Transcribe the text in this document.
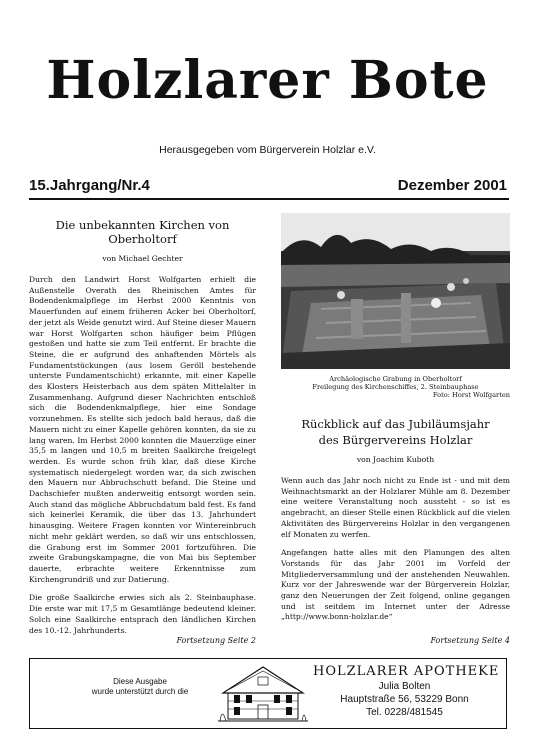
Holzlarer Bote
Herausgegeben vom Bürgerverein Holzlar e.V.
15.Jahrgang/Nr.4	Dezember 2001
Die unbekannten Kirchen von Oberholtorf
von Michael Gechter

Durch den Landwirt Horst Wolfgarten erhielt die Außenstelle Overath des Rheinischen Amtes für Bodendenkmalpflege im Herbst 2000 Kenntnis von Mauerfunden auf einem früheren Acker bei Oberholtorf, der jetzt als Weide genutzt wird. Auf Steine dieser Mauern war Horst Wolfgarten schon häufiger beim Pflügen gestoßen und hatte sie zum Teil entfernt. Er brachte die Steine, die er aufgrund des anhaftenden Mörtels als Fundamentstückungen (aus losem Geröll bestehende unterste Fundamentschicht) erkannte, mit einer Kapelle des Klosters Heisterbach aus dem späten Mittelalter in Zusammenhang. Aufgrund dieser Nachrichten entschloß sich die Bodendenkmalpflege, hier eine Sondage vorzunehmen. Es stellte sich jedoch bald heraus, daß die Mauern nicht zu einer Kapelle gehören konnten, da sie zu lang waren. Im Herbst 2000 konnten die Mauerzüge einer 35,5 m langen und 10,5 m breiten Saalkirche freigelegt werden. Es wurde schon früh klar, daß diese Kirche systematisch niedergelegt worden war, da sich zwischen den Mauern nur Abbruchschutt befand. Die Steine und Dachschiefer mußten anderweitig entsorgt worden sein. Auch stand das mögliche Abbruchdatum bald fest. Es fand sich keinerlei Keramik, die über das 13. Jahrhundert hinausging. Weitere Fragen konnten vor Wintereinbruch nicht mehr geklärt werden, so daß wir uns entschlossen, die Grabung erst im Sommer 2001 fortzuführen. Die zweite Grabungskampagne, die von Mai bis September dauerte, erbrachte weitere Erkenntnisse zum Kirchengrundriß und zur Datierung.

Die große Saalkirche erwies sich als 2. Steinbauphase. Die erste war mit 17,5 m Gesamtlänge bedeutend kleiner. Solch eine Saalkirche entsprach den ländlichen Kirchen des 10.-12. Jahrhunderts.

Fortsetzung Seite 2
Archäologische Grabung in Oberholtorf
Freilegung des Kirchenschiffes, 2. Steinbauphase
Foto: Horst Wolfgarten
Rückblick auf das Jubiläumsjahr
des Bürgervereins Holzlar
von Joachim Kuboth

Wenn auch das Jahr noch nicht zu Ende ist - und mit dem Weihnachtsmarkt an der Holzlarer Mühle am 8. Dezember eine weitere Veranstaltung noch aussteht - so ist es angebracht, an dieser Stelle einen Rückblick auf die vielen Aktivitäten des Bürgervereins Holzlar in den vergangenen elf Monaten zu werfen.

Angefangen hatte alles mit den Planungen des alten Vorstands für das Jahr 2001 im Vorfeld der Mitgliederversammlung und der anstehenden Neuwahlen. Kurz vor der Jahreswende war der Bürgerverein Holzlar, ganz den Neuerungen der Zeit folgend, online gegangen und ist seitdem im Internet unter der Adresse „http://www.bonn-holzlar.de“

Fortsetzung Seite 4
Diese Ausgabe
wurde unterstützt durch die
HOLZLARER APOTHEKE
Julia Bolten
Hauptstraße 56, 53229 Bonn
Tel. 0228/481545
